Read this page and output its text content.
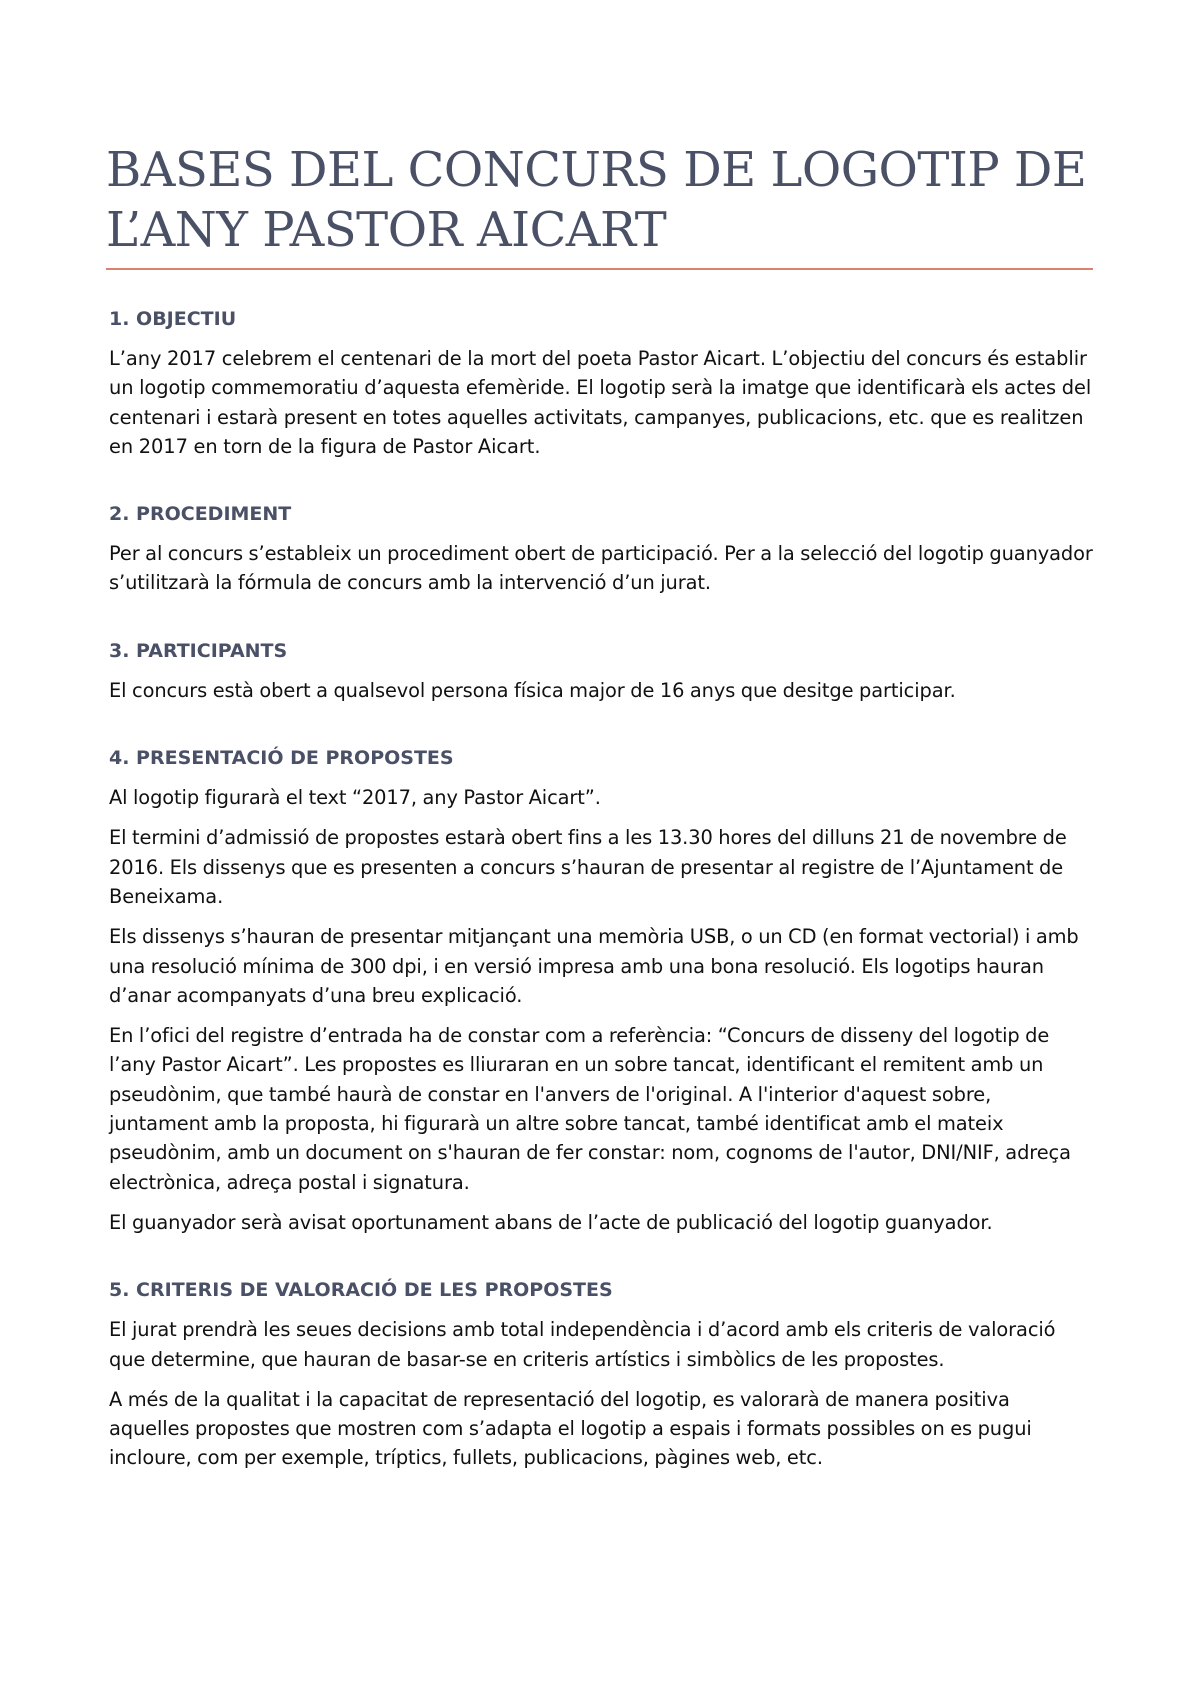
BASES DEL CONCURS DE LOGOTIP DE L’ANY PASTOR AICART
1. OBJECTIU

L’any 2017 celebrem el centenari de la mort del poeta Pastor Aicart. L’objectiu del concurs és establir un logotip commemoratiu d’aquesta efemèride. El logotip serà la imatge que identificarà els actes del centenari i estarà present en totes aquelles activitats, campanyes, publicacions, etc. que es realitzen en 2017 en torn de la figura de Pastor Aicart.

2. PROCEDIMENT

Per al concurs s’estableix un procediment obert de participació. Per a la selecció del logotip guanyador s’utilitzarà la fórmula de concurs amb la intervenció d’un jurat.

3. PARTICIPANTS

El concurs està obert a qualsevol persona física major de 16 anys que desitge participar.

4. PRESENTACIÓ DE PROPOSTES

Al logotip figurarà el text “2017, any Pastor Aicart”.

El termini d’admissió de propostes estarà obert fins a les 13.30 hores del dilluns 21 de novembre de 2016. Els dissenys que es presenten a concurs s’hauran de presentar al registre de l’Ajuntament de Beneixama.

Els dissenys s’hauran de presentar mitjançant una memòria USB, o un CD (en format vectorial) i amb una resolució mínima de 300 dpi, i en versió impresa amb una bona resolució. Els logotips hauran d’anar acompanyats d’una breu explicació.

En l’ofici del registre d’entrada ha de constar com a referència: “Concurs de disseny del logotip de l’any Pastor Aicart”. Les propostes es lliuraran en un sobre tancat, identificant el remitent amb un pseudònim, que també haurà de constar en l'anvers de l'original. A l'interior d'aquest sobre, juntament amb la proposta, hi figurarà un altre sobre tancat, també identificat amb el mateix pseudònim, amb un document on s'hauran de fer constar: nom, cognoms de l'autor, DNI/NIF, adreça electrònica, adreça postal i signatura.

El guanyador serà avisat oportunament abans de l’acte de publicació del logotip guanyador.

5. CRITERIS DE VALORACIÓ DE LES PROPOSTES

El jurat prendrà les seues decisions amb total independència i d’acord amb els criteris de valoració que determine, que hauran de basar-se en criteris artístics i simbòlics de les propostes.

A més de la qualitat i la capacitat de representació del logotip, es valorarà de manera positiva aquelles propostes que mostren com s’adapta el logotip a espais i formats possibles on es pugui incloure, com per exemple, tríptics, fullets, publicacions, pàgines web, etc.
